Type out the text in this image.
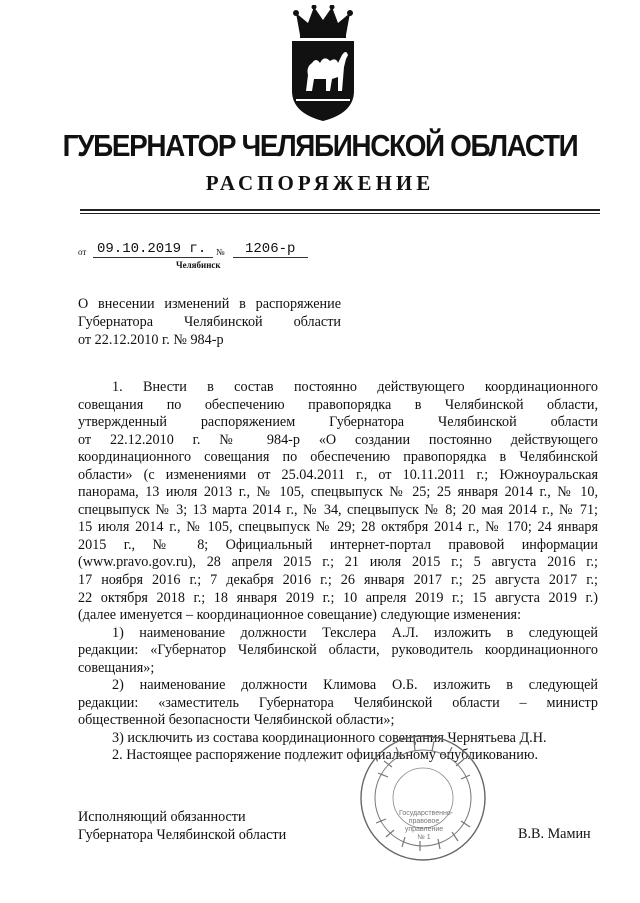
ГУБЕРНАТОР ЧЕЛЯБИНСКОЙ ОБЛАСТИ
РАСПОРЯЖЕНИЕ
от 09.10.2019 г. № 1206-р
Челябинск
О внесении изменений в распоряжение
Губернатора Челябинской области
от 22.12.2010 г. № 984-р
1. Внести в состав постоянно действующего координационного
совещания по обеспечению правопорядка в Челябинской области,
утвержденный распоряжением Губернатора Челябинской области
от 22.12.2010 г. № 984-р «О создании постоянно действующего
координационного совещания по обеспечению правопорядка в Челябинской
области» (с изменениями от 25.04.2011 г., от 10.11.2011 г.; Южноуральская
панорама, 13 июля 2013 г., № 105, спецвыпуск № 25; 25 января 2014 г., № 10,
спецвыпуск № 3; 13 марта 2014 г., № 34, спецвыпуск № 8; 20 мая 2014 г., № 71;
15 июля 2014 г., № 105, спецвыпуск № 29; 28 октября 2014 г., № 170; 24 января
2015 г., № 8; Официальный интернет-портал правовой информации
(www.pravo.gov.ru), 28 апреля 2015 г.; 21 июля 2015 г.; 5 августа 2016 г.;
17 ноября 2016 г.; 7 декабря 2016 г.; 26 января 2017 г.; 25 августа 2017 г.;
22 октября 2018 г.; 18 января 2019 г.; 10 апреля 2019 г.; 15 августа 2019 г.)
(далее именуется – координационное совещание) следующие изменения:
1) наименование должности Текслера А.Л. изложить в следующей
редакции: «Губернатор Челябинской области, руководитель координационного
совещания»;
2) наименование должности Климова О.Б. изложить в следующей
редакции: «заместитель Губернатора Челябинской области – министр
общественной безопасности Челябинской области»;
3) исключить из состава координационного совещания Чернятьева Д.Н.
2. Настоящее распоряжение подлежит официальному опубликованию.
Государственно-
правовое
управление
№ 1
Исполняющий обязанности
Губернатора Челябинской области	В.В. Мамин
